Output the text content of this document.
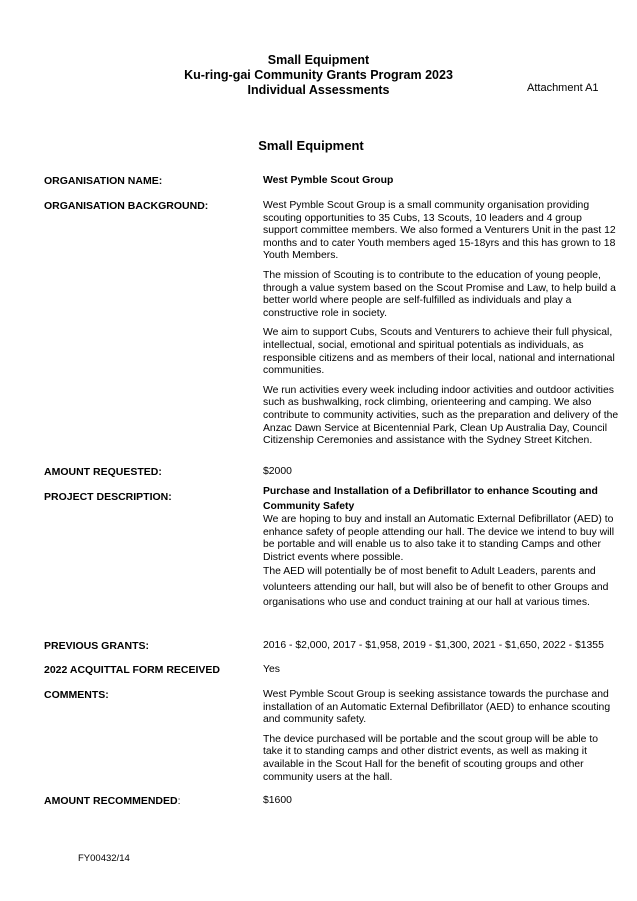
Small Equipment
Ku-ring-gai Community Grants Program 2023
Individual Assessments	Attachment A1
Small Equipment
ORGANISATION NAME:	West Pymble Scout Group
ORGANISATION BACKGROUND:	West Pymble Scout Group is a small community organisation providing scouting opportunities to 35 Cubs, 13 Scouts, 10 leaders and 4 group support committee members. We also formed a Venturers Unit in the past 12 months and to cater Youth members aged 15-18yrs and this has grown to 18 Youth Members.

The mission of Scouting is to contribute to the education of young people, through a value system based on the Scout Promise and Law, to help build a better world where people are self-fulfilled as individuals and play a constructive role in society.

We aim to support Cubs, Scouts and Venturers to achieve their full physical, intellectual, social, emotional and spiritual potentials as individuals, as responsible citizens and as members of their local, national and international communities.

We run activities every week including indoor activities and outdoor activities such as bushwalking, rock climbing, orienteering and camping. We also contribute to community activities, such as the preparation and delivery of the Anzac Dawn Service at Bicentennial Park, Clean Up Australia Day, Council Citizenship Ceremonies and assistance with the Sydney Street Kitchen.

AMOUNT REQUESTED:	$2000
PROJECT DESCRIPTION:	Purchase and Installation of a Defibrillator to enhance Scouting and Community Safety
We are hoping to buy and install an Automatic External Defibrillator (AED) to enhance safety of people attending our hall. The device we intend to buy will be portable and will enable us to also take it to standing Camps and other District events where possible.
The AED will potentially be of most benefit to Adult Leaders, parents and volunteers attending our hall, but will also be of benefit to other Groups and organisations who use and conduct training at our hall at various times.
PREVIOUS GRANTS:	2016 - $2,000, 2017 - $1,958, 2019 - $1,300, 2021 - $1,650, 2022 - $1355
2022 ACQUITTAL FORM RECEIVED	Yes
COMMENTS:	West Pymble Scout Group is seeking assistance towards the purchase and installation of an Automatic External Defibrillator (AED) to enhance scouting and community safety.

The device purchased will be portable and the scout group will be able to take it to standing camps and other district events, as well as making it available in the Scout Hall for the benefit of scouting groups and other community users at the hall.

AMOUNT RECOMMENDED:	$1600
FY00432/14
